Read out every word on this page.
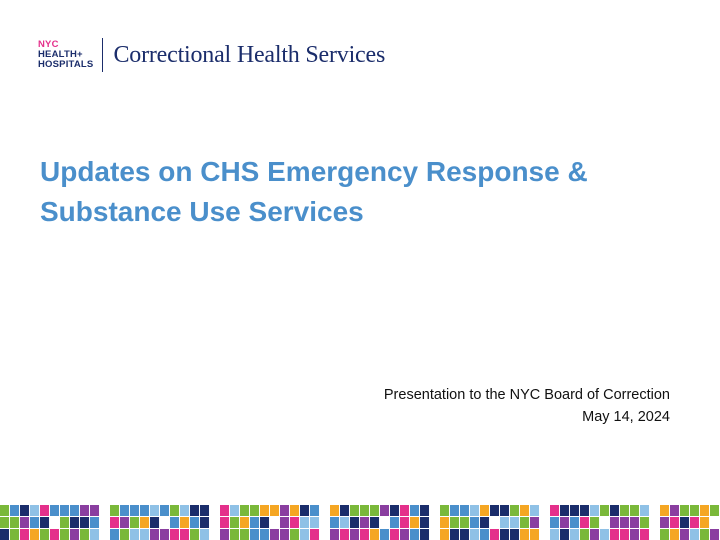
NYC
HEALTH+
HOSPITALS Correctional Health Services
Updates on CHS Emergency Response &
Substance Use Services
Presentation to the NYC Board of Correction
May 14, 2024
